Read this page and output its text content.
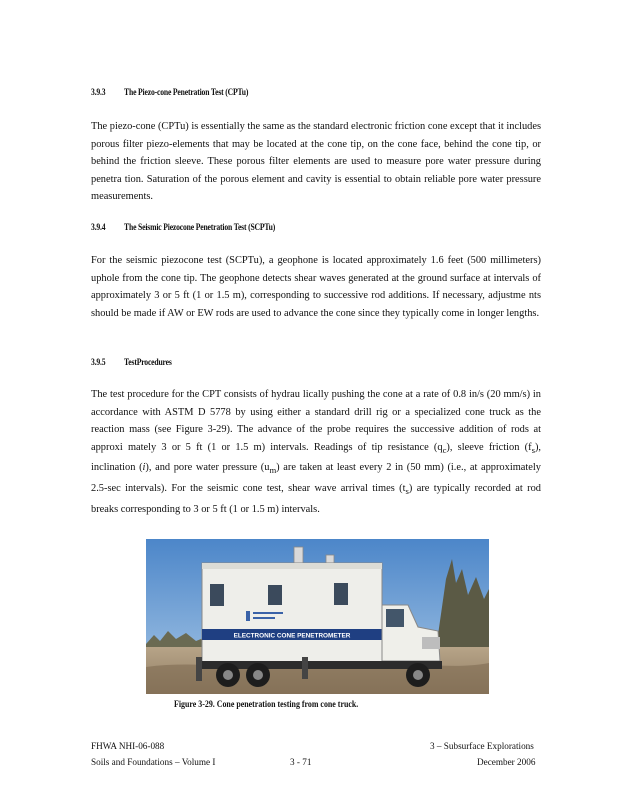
3.9.3 The Piezo-cone Penetration Test (CPTu)

The piezo-cone (CPTu) is essentially the same as the standard electronic friction cone except that it includes porous filter piezo-elements that may be located at the cone tip, on the cone face, behind the cone tip, or behind the friction sleeve. These porous filter elements are used to measure pore water pressure during penetra tion. Saturation of the porous element and cavity is essential to obtain reliable pore water pressure measurements.

3.9.4 The Seismic Piezocone Penetration Test (SCPTu)

For the seismic piezocone test (SCPTu), a geophone is located approximately 1.6 feet (500 millimeters) uphole from the cone tip. The geophone detects shear waves generated at the ground surface at intervals of approximately 3 or 5 ft (1 or 1.5 m), corresponding to successive rod additions. If necessary, adjustme nts should be made if AW or EW rods are used to advance the cone since they typically come in longer lengths.

3.9.5 TestProcedures

The test procedure for the CPT consists of hydrau lically pushing the cone at a rate of 0.8 in/s (20 mm/s) in accordance with ASTM D 5778 by using either a standard drill rig or a specialized cone truck as the reaction mass (see Figure 3-29). The advance of the probe requires the successive addition of rods at approxi mately 3 or 5 ft (1 or 1.5 m) intervals. Readings of tip resistance $(q_c)$, sleeve friction $(f_s)$, inclination (i), and pore water pressure $(u_m)$ are taken at least every 2 in (50 mm) (i.e., at approximately 2.5-sec intervals). For the seismic cone test, shear wave arrival times $(t_s)$ are typically recorded at rod breaks corresponding to 3 or 5 ft (1 or 1.5 m) intervals.

ELECTRONIC CONE PENETROMETER
Figure 3-29. Cone penetration testing from cone truck.
FHWA NHI-06-088
Soils and Foundations – Volume I	3 - 71
3 – Subsurface Explorations
December 2006
